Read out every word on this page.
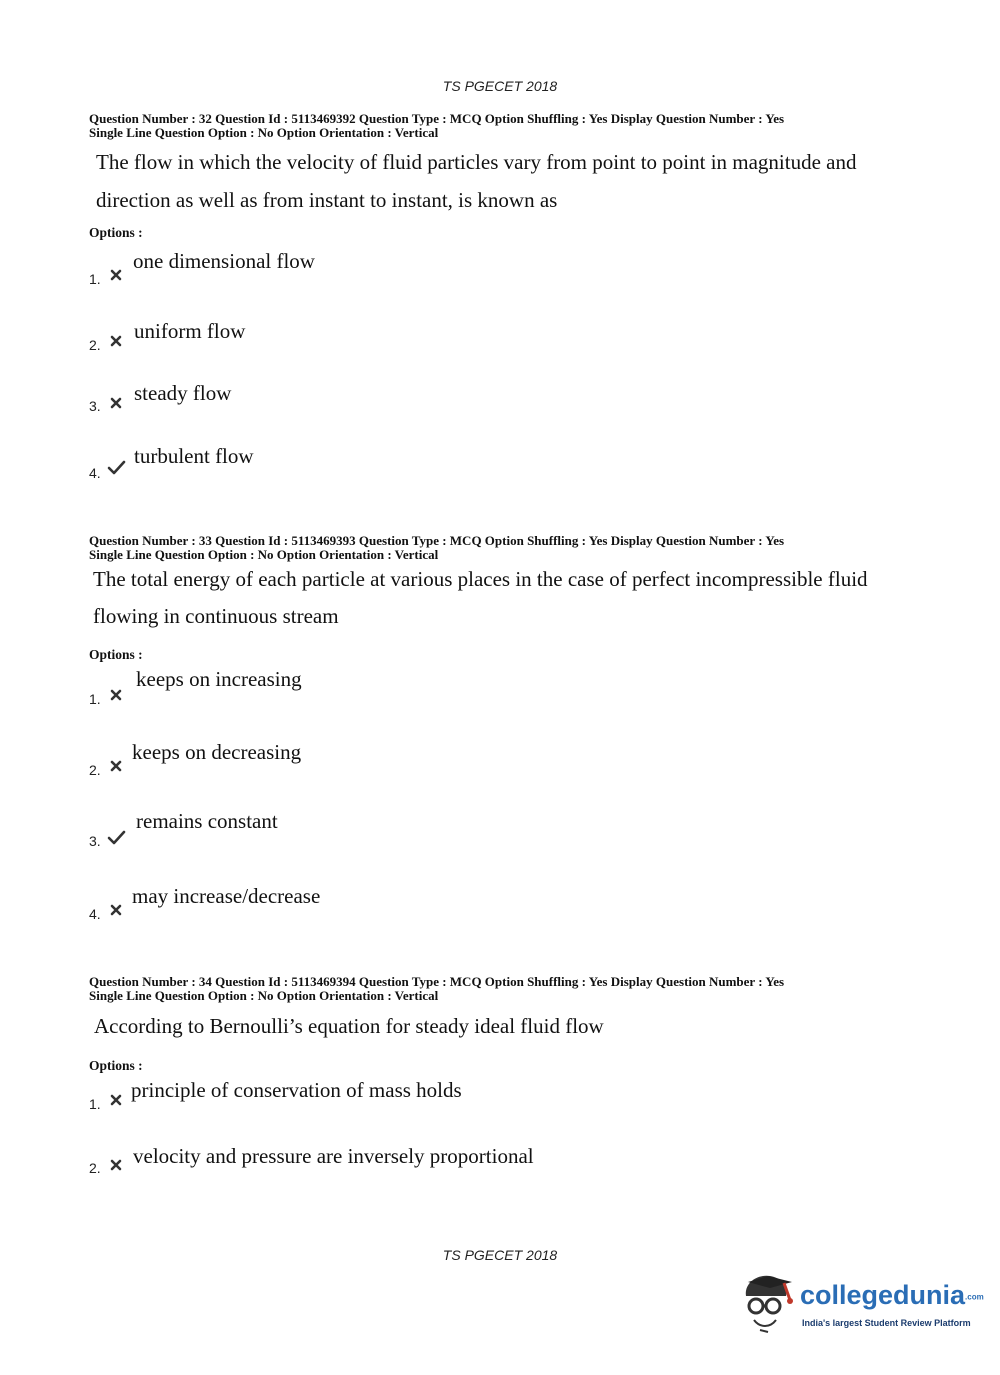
TS PGECET 2018
Question Number : 32 Question Id : 5113469392 Question Type : MCQ Option Shuffling : Yes Display Question Number : Yes
Single Line Question Option : No Option Orientation : Vertical
The flow in which the velocity of fluid particles vary from point to point in magnitude and
direction as well as from instant to instant, is known as
Options :
1.
one dimensional flow
2.
uniform flow
3.
steady flow
4.
turbulent flow
Question Number : 33 Question Id : 5113469393 Question Type : MCQ Option Shuffling : Yes Display Question Number : Yes
Single Line Question Option : No Option Orientation : Vertical
The total energy of each particle at various places in the case of perfect incompressible fluid
flowing in continuous stream
Options :
1.
keeps on increasing
2.
keeps on decreasing
3.
remains constant
4.
may increase/decrease
Question Number : 34 Question Id : 5113469394 Question Type : MCQ Option Shuffling : Yes Display Question Number : Yes
Single Line Question Option : No Option Orientation : Vertical
According to Bernoulli’s equation for steady ideal fluid flow
Options :
1.
principle of conservation of mass holds
2. velocity and pressure are inversely proportional
TS PGECET 2018
collegedunia.com
India's largest Student Review Platform
